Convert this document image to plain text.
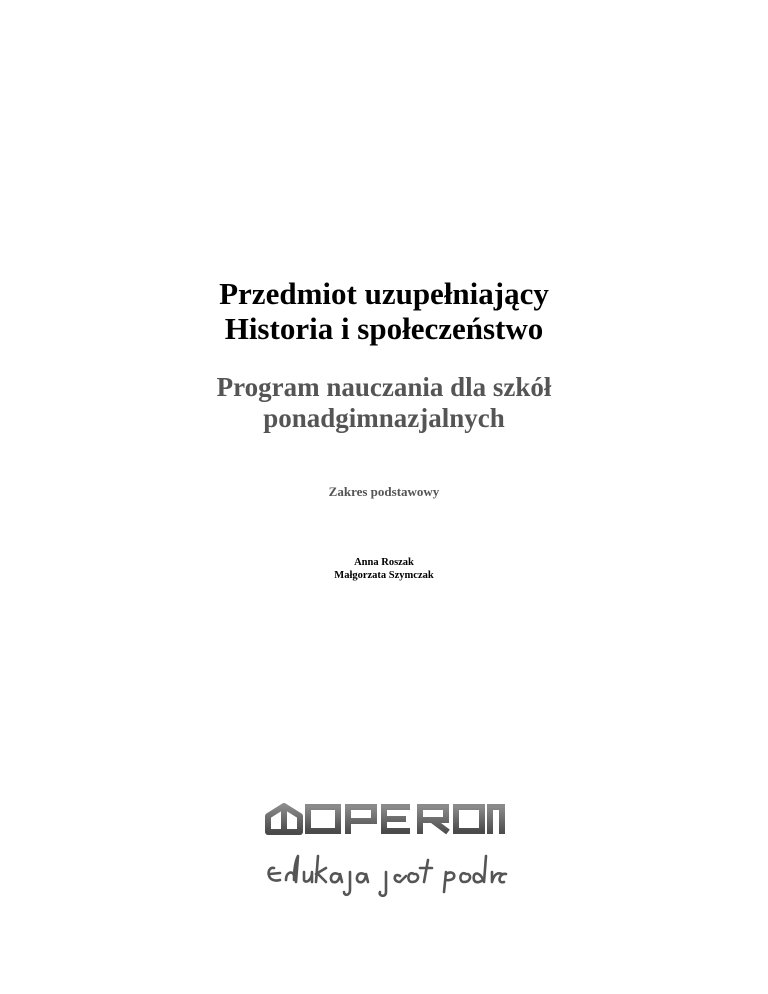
Przedmiot uzupełniający

Historia i społeczeństwo

Program nauczania dla szkół

ponadgimnazjalnych

Zakres podstawowy
Anna Roszak
Małgorzata Szymczak
